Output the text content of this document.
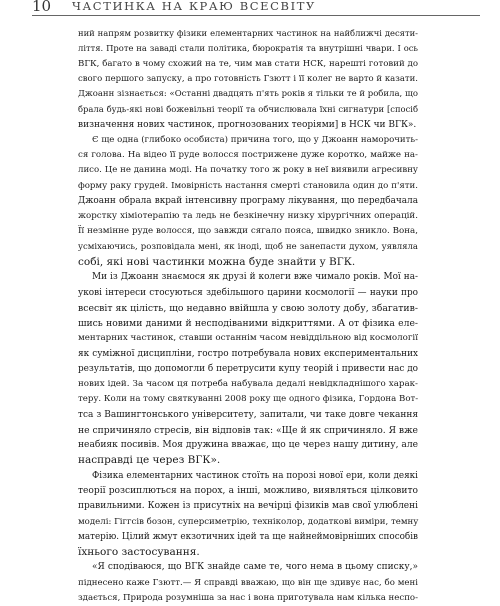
10 ЧАСТИНКА НА КРАЮ ВСЕСВІТУ
ний напрям розвитку фізики елементарних частинок на найближчі десяти-
ліття. Проте на заваді стали політика, бюрократія та внутрішні чвари. І ось
ВГК, багато в чому схожий на те, чим мав стати НСК, нарешті готовий до
свого першого запуску, а про готовність Гзютт і її колег не варто й казати.
Джоанн зізнається: «Останні двадцять п'ять років я тільки те й робила, що
брала будь-які нові божевільні теорії та обчислювала їхні сигнатури [спосіб
визначення нових частинок, прогнозованих теоріями] в НСК чи ВГК».
Є ще одна (глибоко особиста) причина того, що у Джоанн наморочить-
ся голова. На відео її руде волосся пострижене дуже коротко, майже на-
лисо. Це не данина моді. На початку того ж року в неї виявили агресивну
форму раку грудей. Імовірність настання смерті становила один до п'яти.
Джоанн обрала вкрай інтенсивну програму лікування, що передбачала
жорстку хіміотерапію та ледь не безкінечну низку хірургічних операцій.
Її незмінне руде волосся, що завжди сягало пояса, швидко зникло. Вона,
усміхаючись, розповідала мені, як іноді, щоб не занепасти духом, уявляла
собі, які нові частинки можна буде знайти у ВГК.
Ми із Джоанн знаємося як друзі й колеги вже чимало років. Мої на-
укові інтереси стосуються здебільшого царини космології — науки про
всесвіт як цілість, що недавно ввійшла у свою золоту добу, збагатив-
шись новими даними й несподіваними відкриттями. А от фізика еле-
ментарних частинок, ставши останнім часом невіддільною від космології
як суміжної дисципліни, гостро потребувала нових експериментальних
результатів, що допомогли б перетрусити купу теорій і привести нас до
нових ідей. За часом ця потреба набувала дедалі невідкладнішого харак-
теру. Коли на тому святкуванні 2008 року ще одного фізика, Гордона Вот-
тса з Вашингтонського університету, запитали, чи таке довге чекання
не спричиняло стресів, він відповів так: «Ще й як спричиняло. Я вже
неабияк посивів. Моя дружина вважає, що це через нашу дитину, але
насправді це через ВГК».
Фізика елементарних частинок стоїть на порозі нової ери, коли деякі
теорії розсиплються на порох, а інші, можливо, виявляться цілковито
правильними. Кожен із присутніх на вечірці фізиків мав свої улюблені
моделі: Гіггсів бозон, суперсиметрію, техніколор, додаткові виміри, темну
матерію. Цілий жмут екзотичних ідей та ще найнеймовірніших способів
їхнього застосування.
«Я сподіваюся, що ВГК знайде саме те, чого нема в цьому списку,»
піднесено каже Гзютт.— Я справді вважаю, що він ще здивує нас, бо мені
здається, Природа розумніша за нас і вона приготувала нам кілька неспо-
